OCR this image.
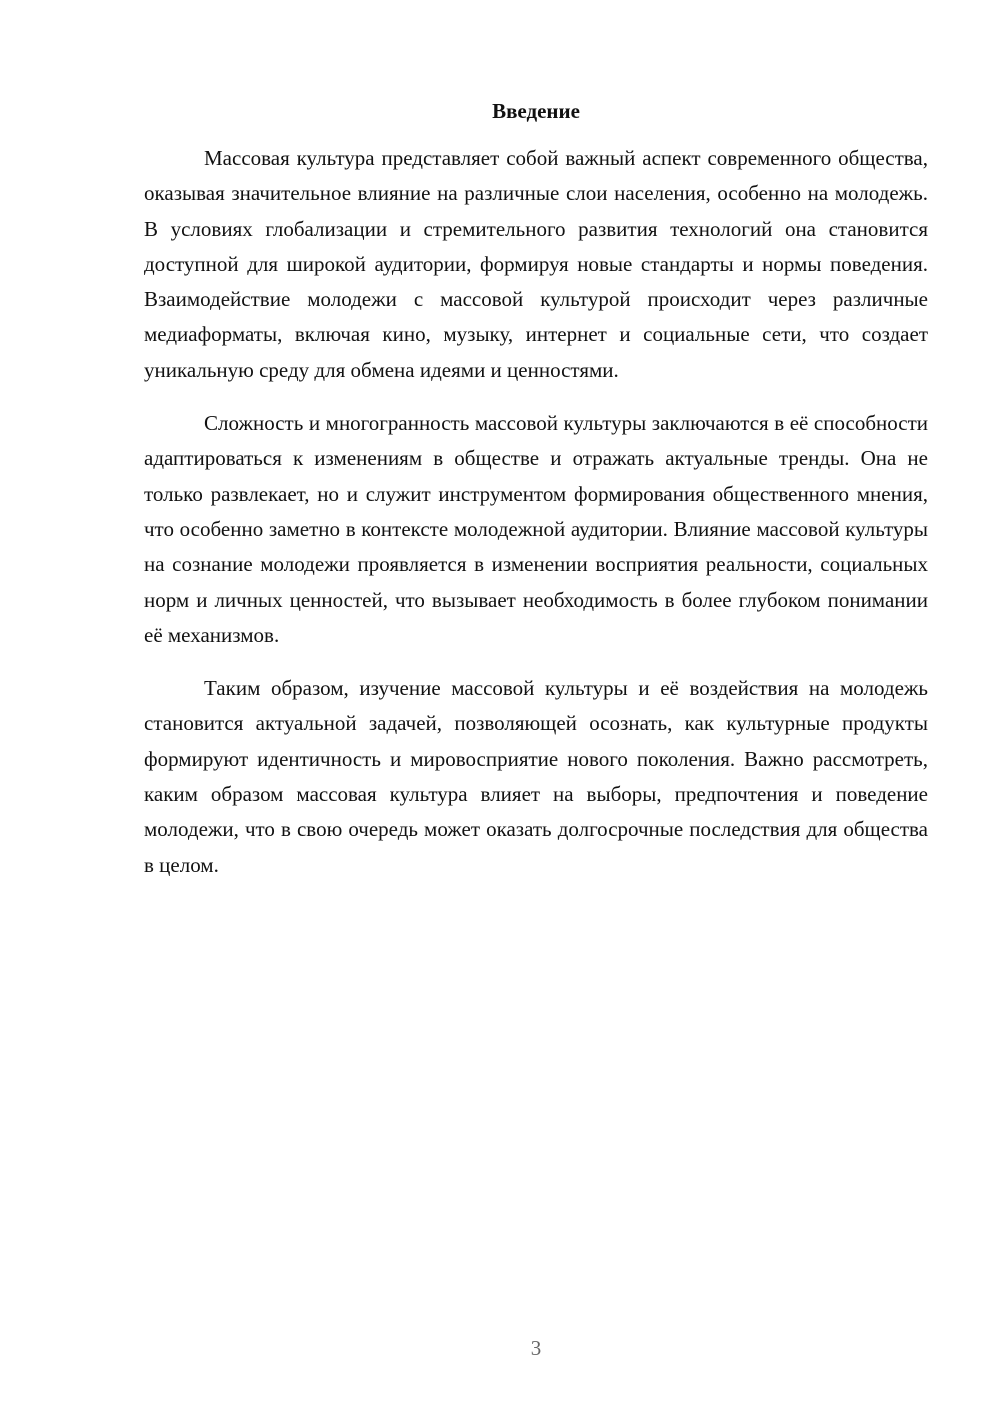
Введение

Массовая культура представляет собой важный аспект современного общества, оказывая значительное влияние на различные слои населения, особенно на молодежь. В условиях глобализации и стремительного развития технологий она становится доступной для широкой аудитории, формируя новые стандарты и нормы поведения. Взаимодействие молодежи с массовой культурой происходит через различные медиаформаты, включая кино, музыку, интернет и социальные сети, что создает уникальную среду для обмена идеями и ценностями.

Сложность и многогранность массовой культуры заключаются в её способности адаптироваться к изменениям в обществе и отражать актуальные тренды. Она не только развлекает, но и служит инструментом формирования общественного мнения, что особенно заметно в контексте молодежной аудитории. Влияние массовой культуры на сознание молодежи проявляется в изменении восприятия реальности, социальных норм и личных ценностей, что вызывает необходимость в более глубоком понимании её механизмов.

Таким образом, изучение массовой культуры и её воздействия на молодежь становится актуальной задачей, позволяющей осознать, как культурные продукты формируют идентичность и мировосприятие нового поколения. Важно рассмотреть, каким образом массовая культура влияет на выборы, предпочтения и поведение молодежи, что в свою очередь может оказать долгосрочные последствия для общества в целом.

3
